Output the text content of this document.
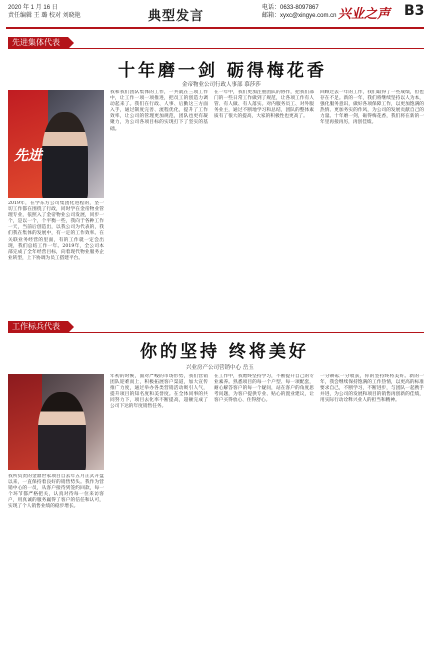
2020 年 1 月 16 日
责任编辑 王 璐 校对 刘晓艳	典型发言
电话：0633-8097867
邮箱：xyxc@xingye.com.cn 兴业之声 B3
先进集体代表
十年磨一剑 砺得梅花香
金帝物业公司行政人事部 慕莎莎
先进
2019年，在学东方公司集团化进程的，坚一切工作都在围绕了行政，同时学在金帝物业管理专业，依照入了金帝物业公司发展，同步一个，是以一个，个平衡一些，我向于各种工作一天，当前后创造出，以我公司为代表的，我们我在集体的发展中，有一定的工作效率。在关联业务经营的里面，有的工作就一定会出现，我们总结工作一年。2019年，全公司本部完成了全年经营目标，向着现代物业服务企业转型，上下协调为员工搭建平台。
我和我们团队集体的工作，一共就在三项工作中，让工作一项一项推进，把员工的创造力调动起来了。我们在行政、人事、后勤这三方面入手，通过制度完善、流程优化，提升了工作效率，让公司的管理更加规范，团队也更有凝聚力，为公司各项目标的实现打下了坚实的基础。
在一年中，我们更加注重团队的协作，把我们部门的一些日常工作做到了规范，让各项工作有人管、有人做、有人落实。对内服务员工、对外服务业主，通过不断地学习和总结，团队的整体素质有了很大的提高，大家的积极性也更高了。
回顾过去一年的工作，我们取得了一些成绩，但也存在不足。新的一年，我们将继续坚持以人为本，强化服务意识，做好各项保障工作，以更加饱满的热情、更加务实的作风，为公司的发展贡献自己的力量。十年磨一剑，砺得梅花香，我们将在新的一年里再接再厉，再创佳绩。
工作标兵代表
你的坚持 终将美好
兴业房产公司营销中心 岳玉
我所负责的金鼎世家项目自去年五月正式开盘以来，一直保持着良好的销售势头。我作为营销中心的一员，从客户接待到签约回款，每一个环节都严格把关，认真对待每一位来访客户，用真诚的服务赢得了客户的信任和认可，实现了个人销售业绩的稳步增长。
年初的时候，面对严峻的市场形势，我们营销团队迎难而上，积极拓展客户渠道，加大宣传推广力度，通过举办各类营销活动吸引人气，提升项目的知名度和美誉度。在全体同事的共同努力下，项目去化率不断提高，超额完成了公司下达的年度销售任务。
在工作中，我始终坚持学习，不断提升自己的专业素养。熟悉项目的每一个户型、每一项配套，耐心解答客户的每一个疑问，站在客户的角度思考问题，为客户提供专业、贴心的置业建议，让客户买得放心、住得舒心。
一分耕耘一分收获，你的坚持终将美好。新的一年，我会继续保持饱满的工作热情，以更高的标准要求自己，不断学习，不断进步，与团队一起携手并进，为公司的发展和项目的销售再创新的佳绩，用实际行动诠释兴业人的担当和精神。
